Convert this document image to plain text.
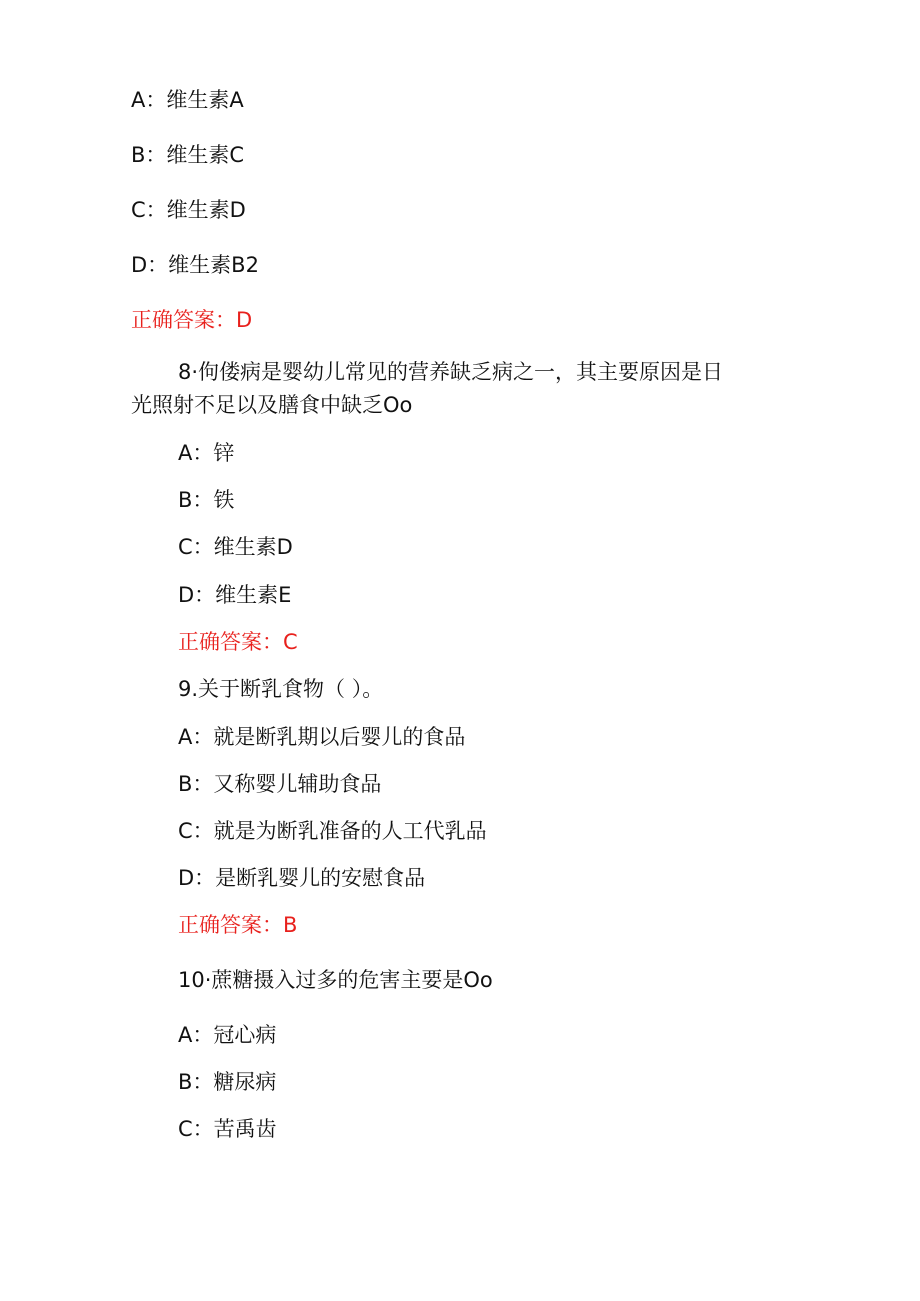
A：维生素A
B：维生素C
C：维生素D
D：维生素B2
正确答案：D
8·佝偻病是婴幼儿常见的营养缺乏病之一，其主要原因是日
光照射不足以及膳食中缺乏Oo
A：锌
B：铁
C：维生素D
D：维生素E
正确答案：C
9.关于断乳食物（ ）。
A：就是断乳期以后婴儿的食品
B：又称婴儿辅助食品
C：就是为断乳准备的人工代乳品
D：是断乳婴儿的安慰食品
正确答案：B
10·蔗糖摄入过多的危害主要是Oo
A：冠心病
B：糖尿病
C：苦禹齿
